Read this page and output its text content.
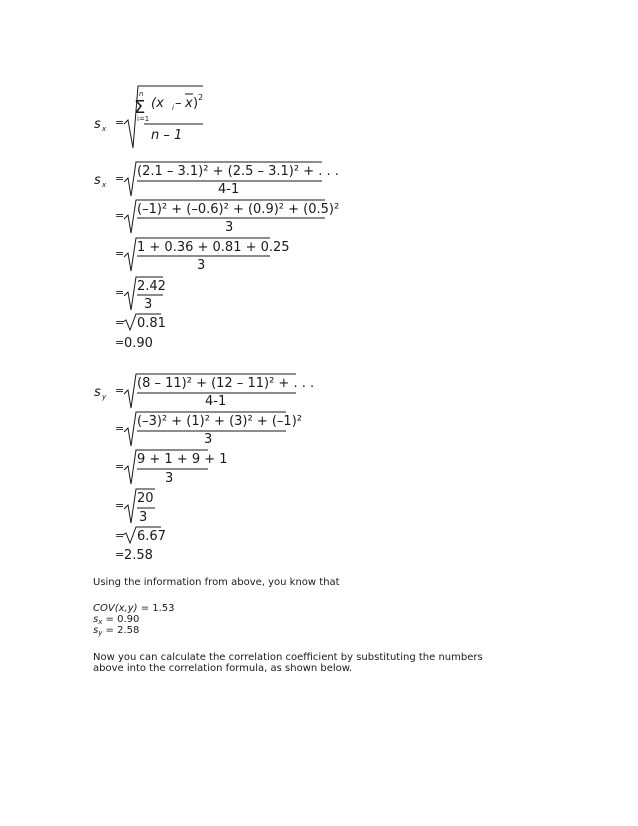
s x =
n
Σ
i=1
(x i – x ) 2
n – 1
s x = (2.1 – 3.1)² + (2.5 – 3.1)² + . . .
4-1
= (–1)² + (–0.6)² + (0.9)² + (0.5)²
3
= 1 + 0.36 + 0.81 + 0.25
3
= 2.42
3
= 0.81
= 0.90
s y = (8 – 11)² + (12 – 11)² + . . .
4-1
= (–3)² + (1)² + (3)² + (–1)²
3
= 9 + 1 + 9 + 1
3
= 20
3
= 6.67
= 2.58
Using the information from above, you know that
COV(x,y) = 1.53
$s_x = 0.90$
$s_y = 2.58$
Now you can calculate the correlation coefficient by substituting the numbers
above into the correlation formula, as shown below.
